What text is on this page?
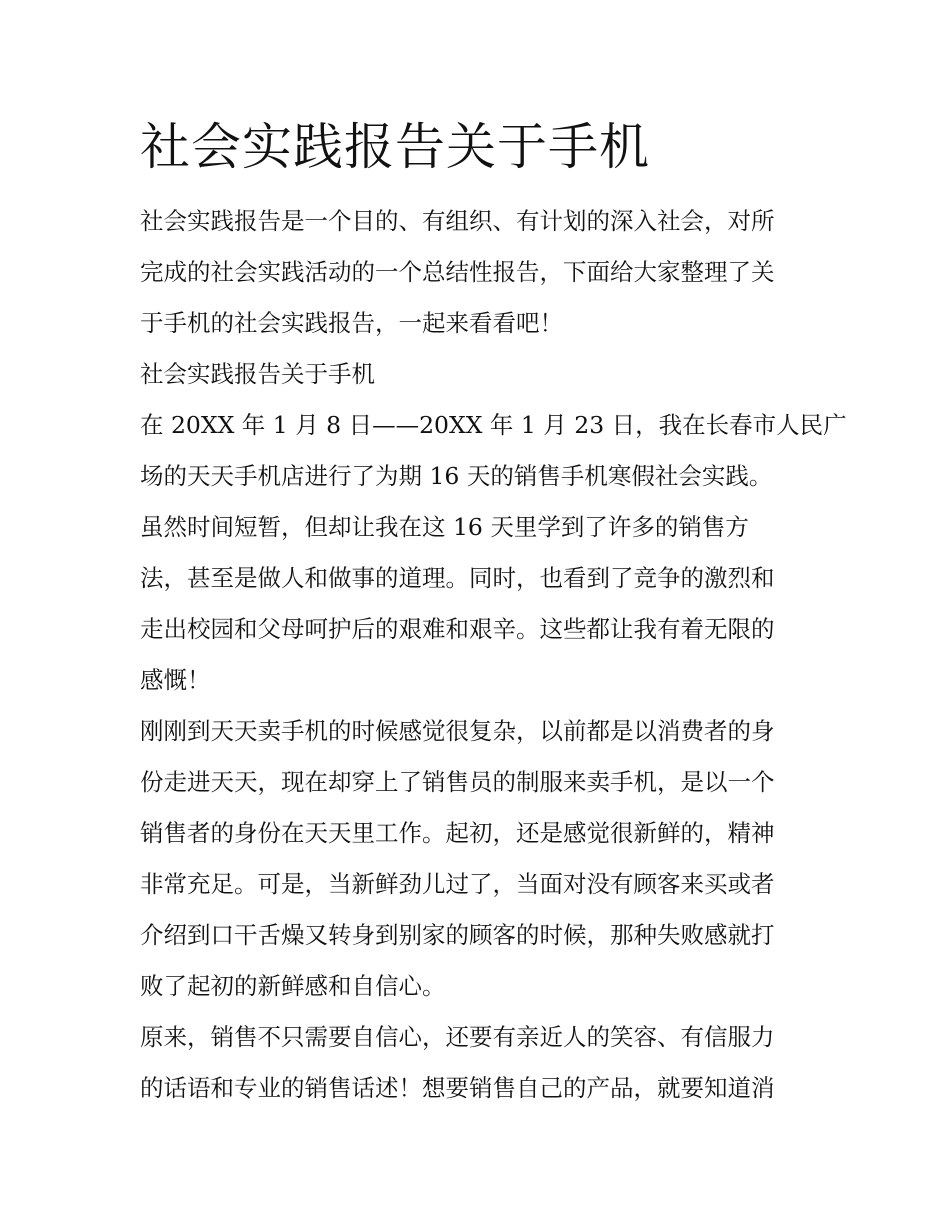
社会实践报告关于手机
社会实践报告是一个目的、有组织、有计划的深入社会，对所
完成的社会实践活动的一个总结性报告，下面给大家整理了关
于手机的社会实践报告，一起来看看吧！
社会实践报告关于手机
在 20XX 年 1 月 8 日——20XX 年 1 月 23 日，我在长春市人民广
场的天天手机店进行了为期 16 天的销售手机寒假社会实践。
虽然时间短暂，但却让我在这 16 天里学到了许多的销售方
法，甚至是做人和做事的道理。同时，也看到了竞争的激烈和
走出校园和父母呵护后的艰难和艰辛。这些都让我有着无限的
感慨！
刚刚到天天卖手机的时候感觉很复杂，以前都是以消费者的身
份走进天天，现在却穿上了销售员的制服来卖手机，是以一个
销售者的身份在天天里工作。起初，还是感觉很新鲜的，精神
非常充足。可是，当新鲜劲儿过了，当面对没有顾客来买或者
介绍到口干舌燥又转身到别家的顾客的时候，那种失败感就打
败了起初的新鲜感和自信心。
原来，销售不只需要自信心，还要有亲近人的笑容、有信服力
的话语和专业的销售话述！想要销售自己的产品，就要知道消
